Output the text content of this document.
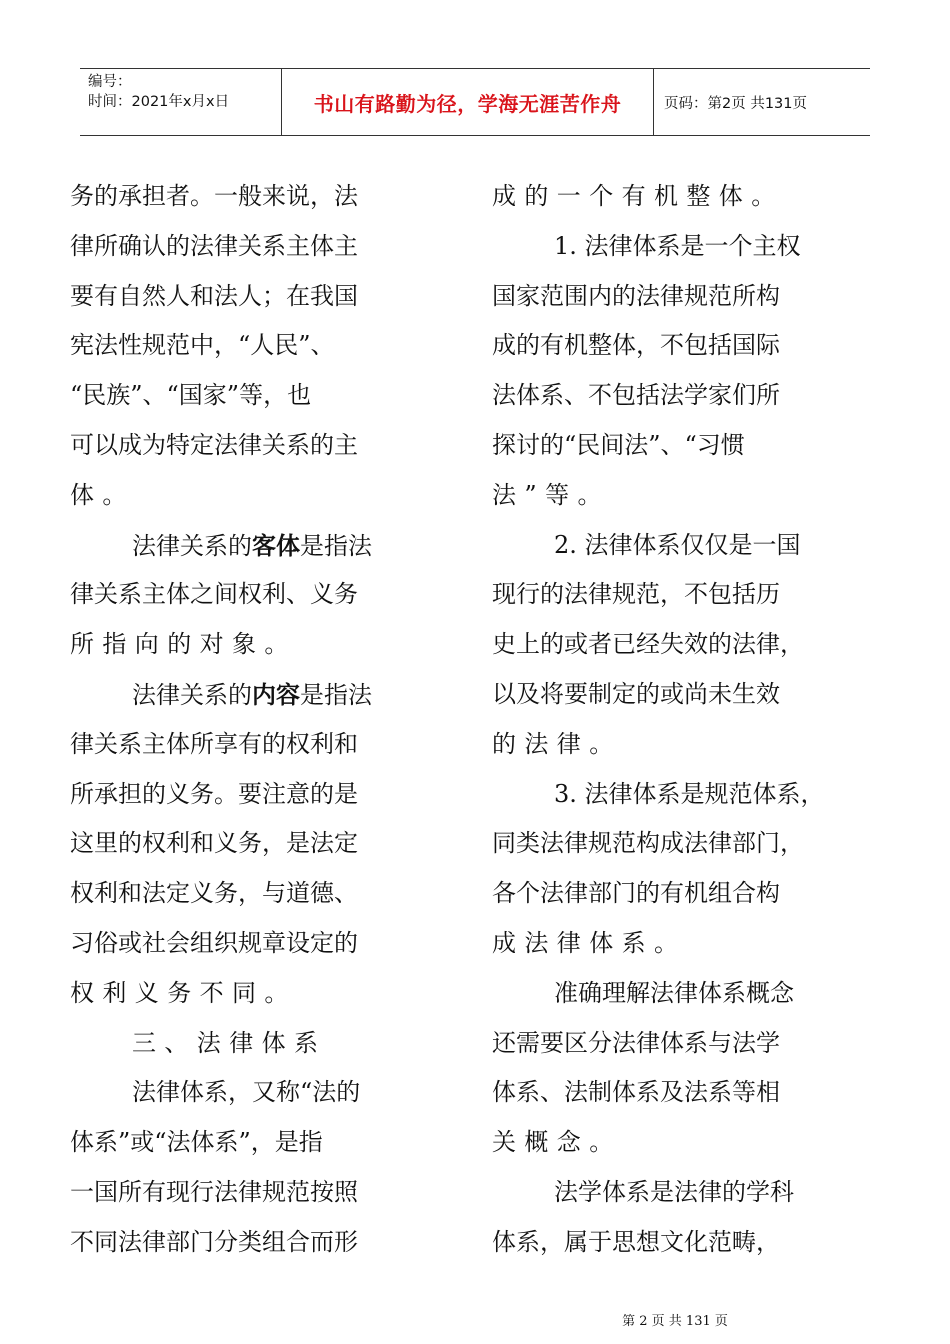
编号：
时间：2021年x月x日	书山有路勤为径，学海无涯苦作舟	页码：第2页 共131页
务的承担者。一般来说，法
律所确认的法律关系主体主
要有自然人和法人；在我国
宪法性规范中，“人民”、
“民族”、“国家”等，也
可以成为特定法律关系的主
体。
法律关系的客体是指法
律关系主体之间权利、义务
所指向的对象。
法律关系的内容是指法
律关系主体所享有的权利和
所承担的义务。要注意的是
这里的权利和义务，是法定
权利和法定义务，与道德、
习俗或社会组织规章设定的
权利义务不同。
三、法律体系
法律体系，又称“法的
体系”或“法体系”，是指
一国所有现行法律规范按照
不同法律部门分类组合而形
成的一个有机整体。
1. 法律体系是一个主权
国家范围内的法律规范所构
成的有机整体，不包括国际
法体系、不包括法学家们所
探讨的“民间法”、“习惯
法”等。
2. 法律体系仅仅是一国
现行的法律规范，不包括历
史上的或者已经失效的法律，
以及将要制定的或尚未生效
的法律。
3. 法律体系是规范体系，
同类法律规范构成法律部门，
各个法律部门的有机组合构
成法律体系。
准确理解法律体系概念
还需要区分法律体系与法学
体系、法制体系及法系等相
关概念。
法学体系是法律的学科
体系，属于思想文化范畴，
第 2 页 共 131 页
